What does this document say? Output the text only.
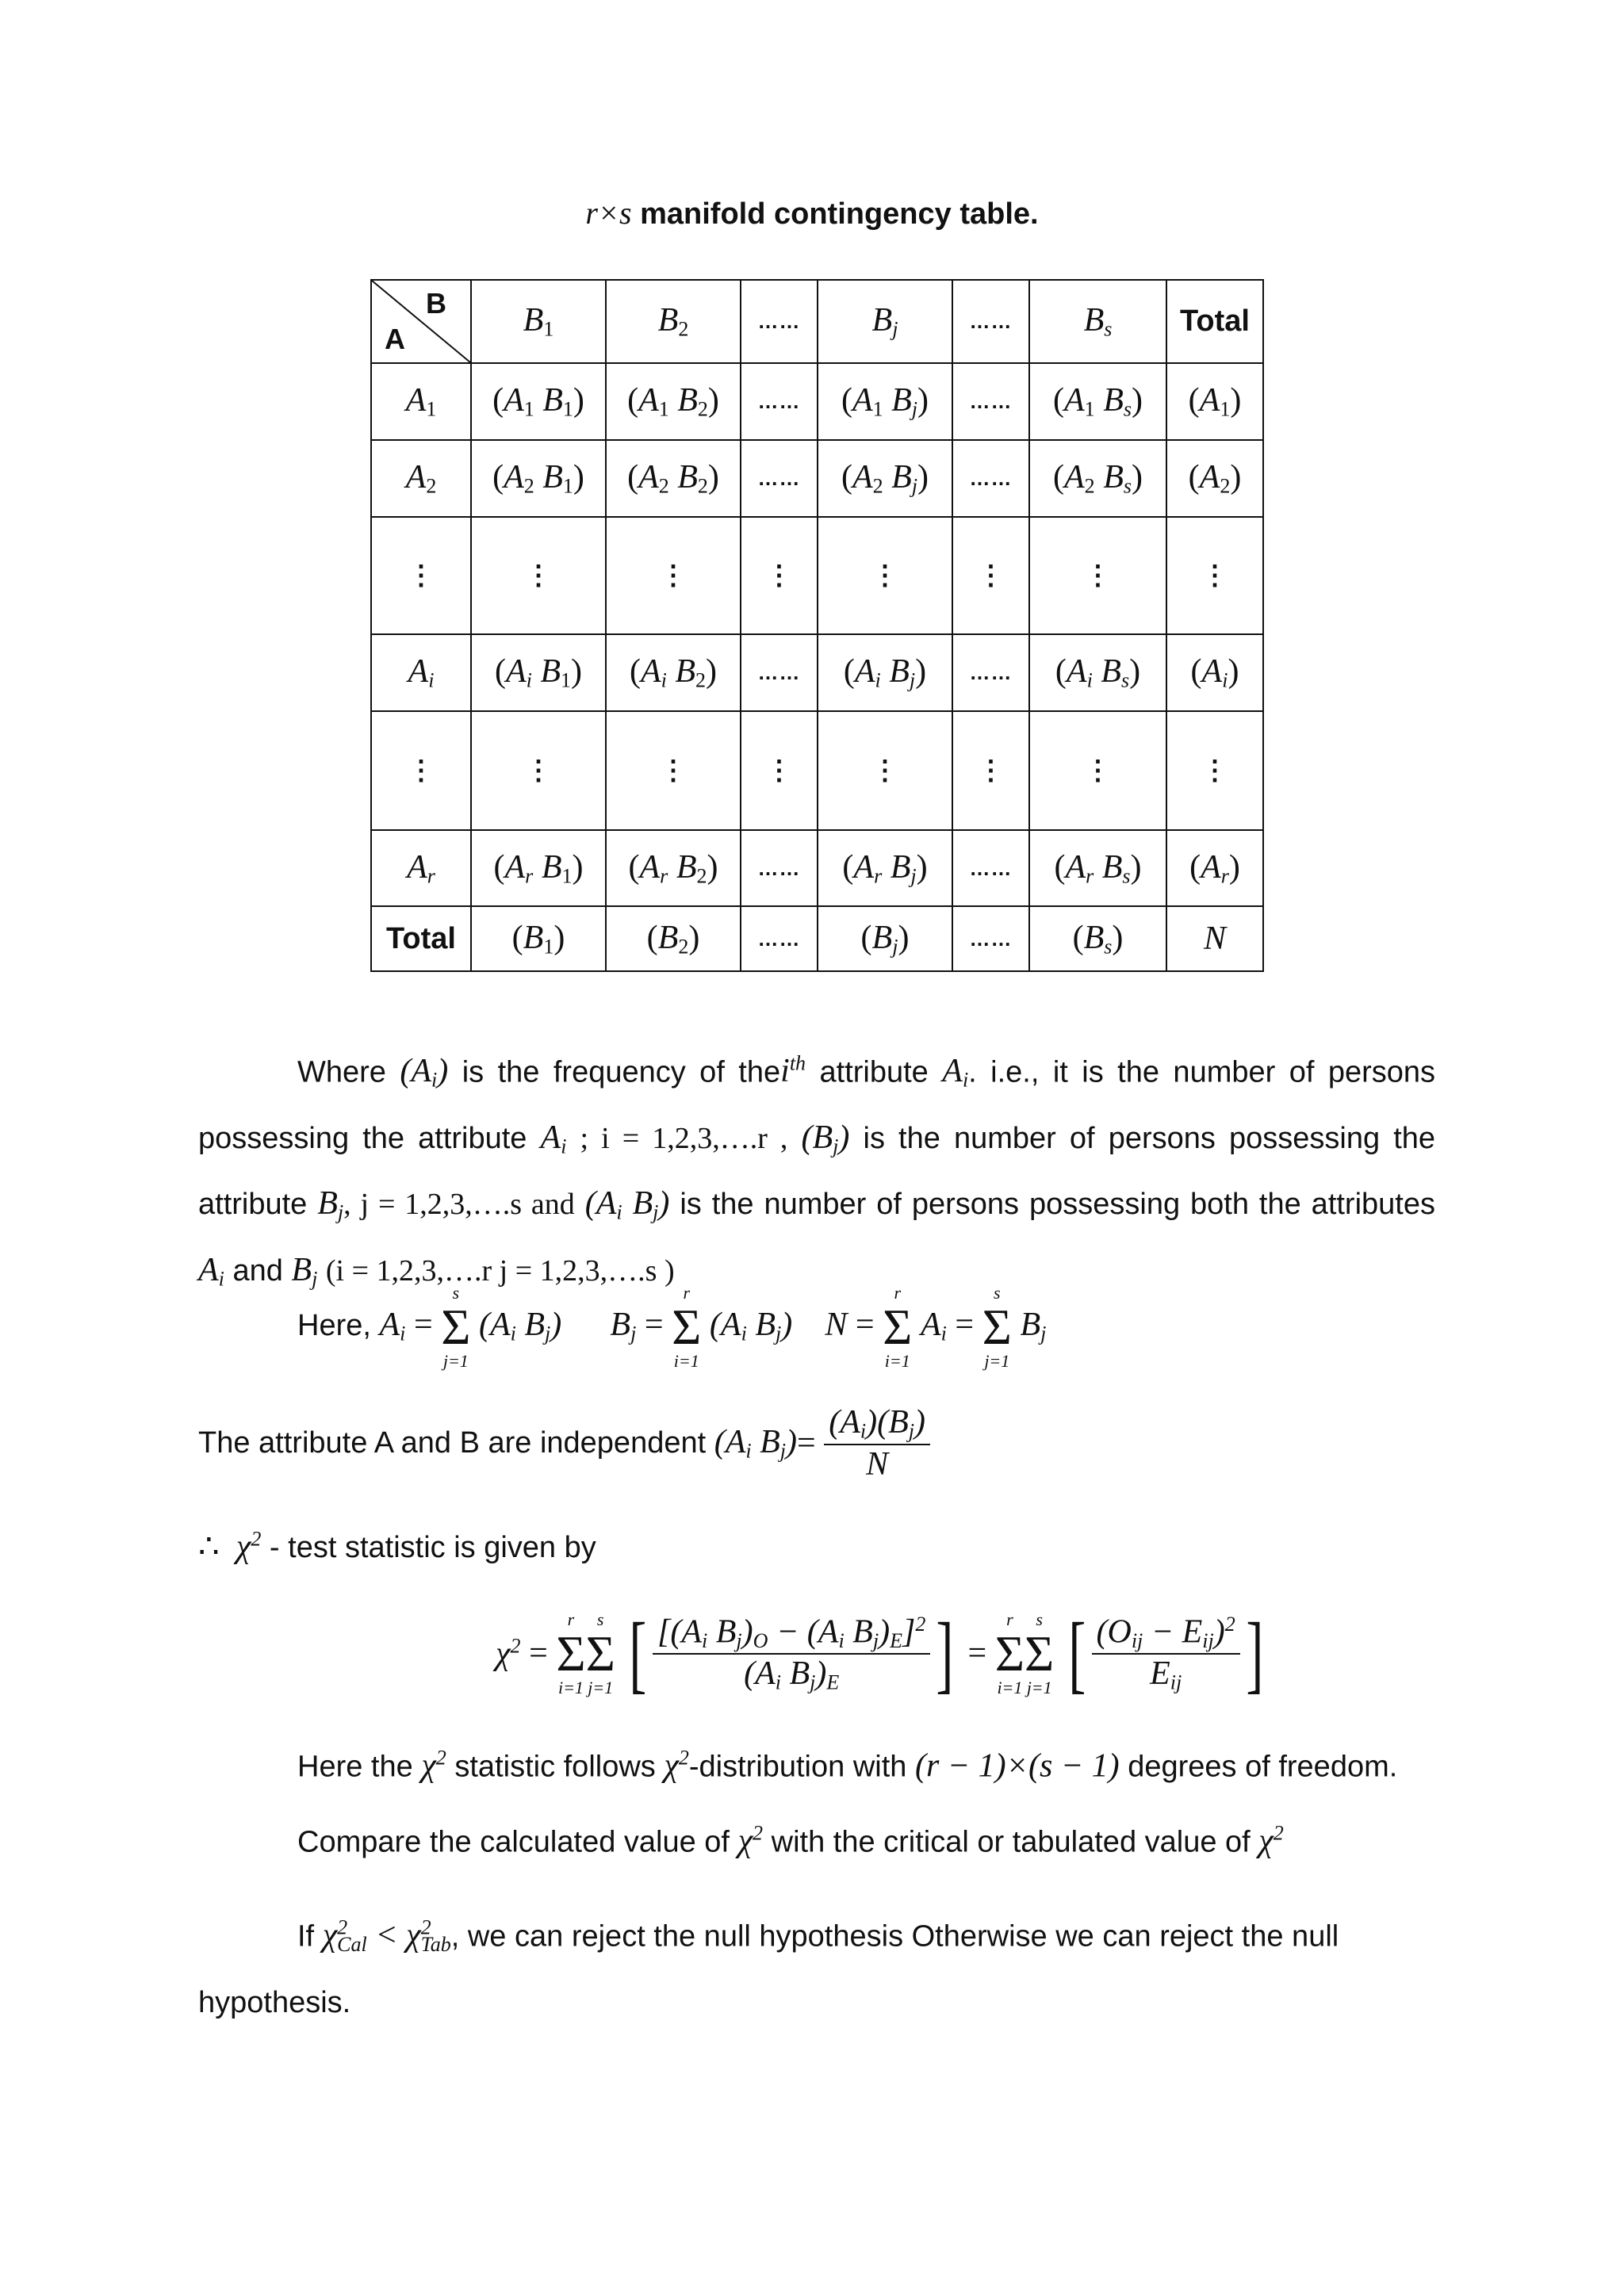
r×s manifold contingency table.
B
A	$B_1$	$B_2$	……	$B_j$	……	$B_s$	Total
$A_1$	($A_1$ $B_1$)	($A_1$ $B_2$)	……	($A_1$ $B_j$)	……	($A_1$ $B_s$)	$(A_1)$
$A_2$	($A_2$ $B_1$)	($A_2$ $B_2$)	……	($A_2$ $B_j$)	……	($A_2$ $B_s$)	$(A_2)$
⋮	⋮	⋮	⋮	⋮	⋮	⋮	⋮
$A_i$	($A_i$ $B_1$)	($A_i$ $B_2$)	……	($A_i$ $B_j$)	……	($A_i$ $B_s$)	$(A_i)$
⋮	⋮	⋮	⋮	⋮	⋮	⋮	⋮
$A_r$	($A_r$ $B_1$)	($A_r$ $B_2$)	……	($A_r$ $B_j$)	……	($A_r$ $B_s$)	$(A_r)$
Total	$(B_1)$	$(B_2)$	……	$(B_j)$	……	$(B_s)$	N
Where $(A_i)$ is the frequency of thei$^{th}$ attribute $A_i$. i.e., it is the number of persons possessing the attribute $A_i$ ; i = 1,2,3,….r , $(B_j)$ is the number of persons possessing the attribute $B_j$, j = 1,2,3,….s and ($A_i$ $B_j$) is the number of persons possessing both the attributes $A_i$ and $B_j$ (i = 1,2,3,….r j = 1,2,3,….s )
Here, $A_i$ =
s
Σ
j=1
($A_i$ $B_j$) $B_j$ =
r
Σ
i=1
($A_i$ $B_j$) N =
r
Σ
i=1
$A_i$ =
s
Σ
j=1
$B_j$
The attribute A and B are independent ($A_i$ $B_j)= \frac{(A_i)(B_j)}{N}$
∴ $\chi^2$ - test statistic is given by
$\chi^2$ =
r
Σ
i=1
s
Σ
j=1 [ $\frac{[(A_i B_j)_O - (A_i B_j)_E]^2}{(A_i B_j)_E}$ ] =
r
Σ
i=1
s
Σ
j=1 [ $\frac{(O_{ij} - E_{ij})^2}{E_{ij}}$ ]
Here the $\chi^2$ statistic follows $\chi^2$-distribution with (r − 1)×(s − 1) degrees of freedom.
Compare the calculated value of $\chi^2$ with the critical or tabulated value of $\chi^2$
If $\chi^2_{Cal} < \chi^2_{Tab}$, we can reject the null hypothesis Otherwise we can reject the null
hypothesis.
